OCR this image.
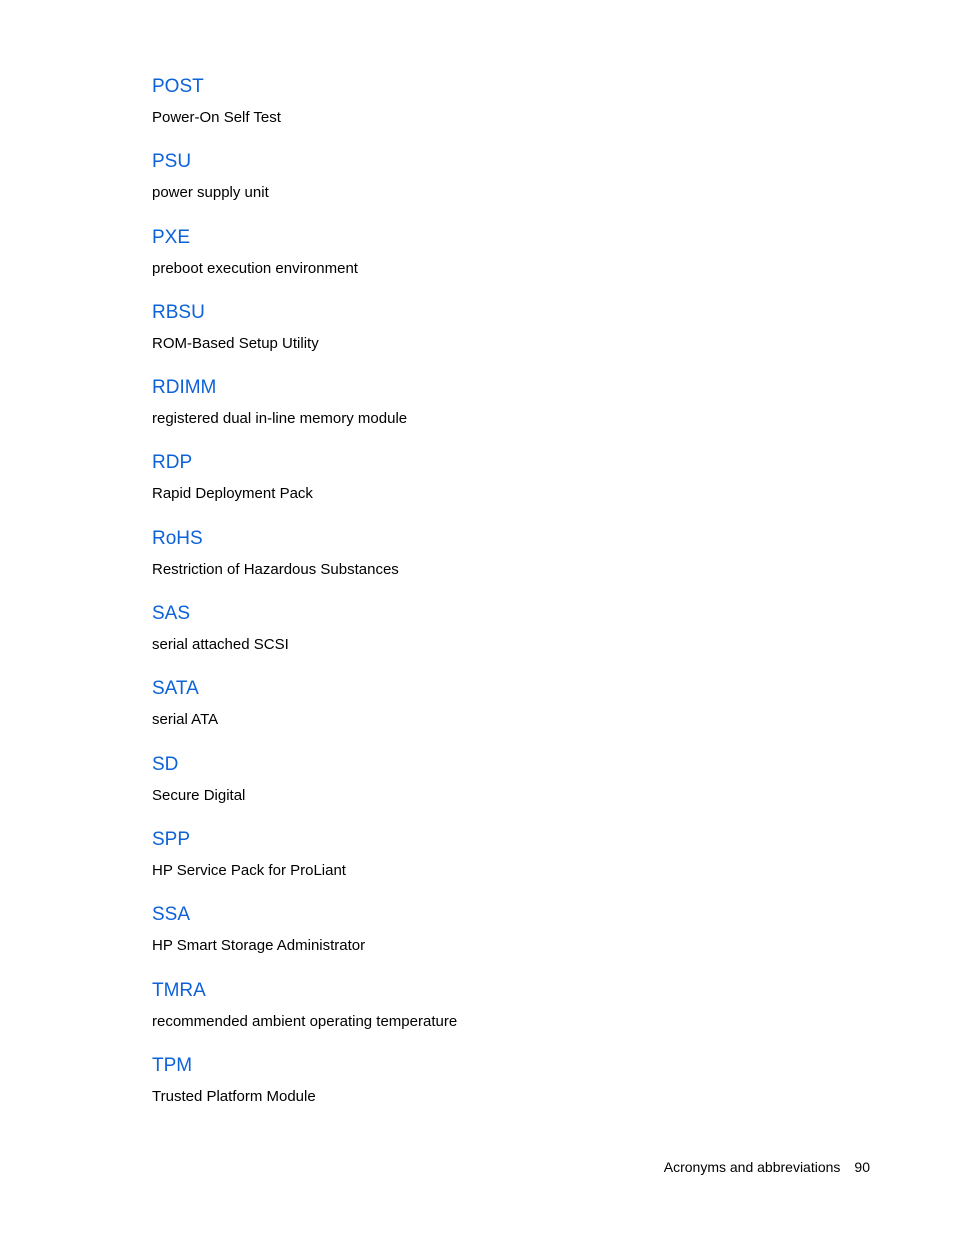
POST
Power-On Self Test
PSU
power supply unit
PXE
preboot execution environment
RBSU
ROM-Based Setup Utility
RDIMM
registered dual in-line memory module
RDP
Rapid Deployment Pack
RoHS
Restriction of Hazardous Substances
SAS
serial attached SCSI
SATA
serial ATA
SD
Secure Digital
SPP
HP Service Pack for ProLiant
SSA
HP Smart Storage Administrator
TMRA
recommended ambient operating temperature
TPM
Trusted Platform Module
Acronyms and abbreviations 90
